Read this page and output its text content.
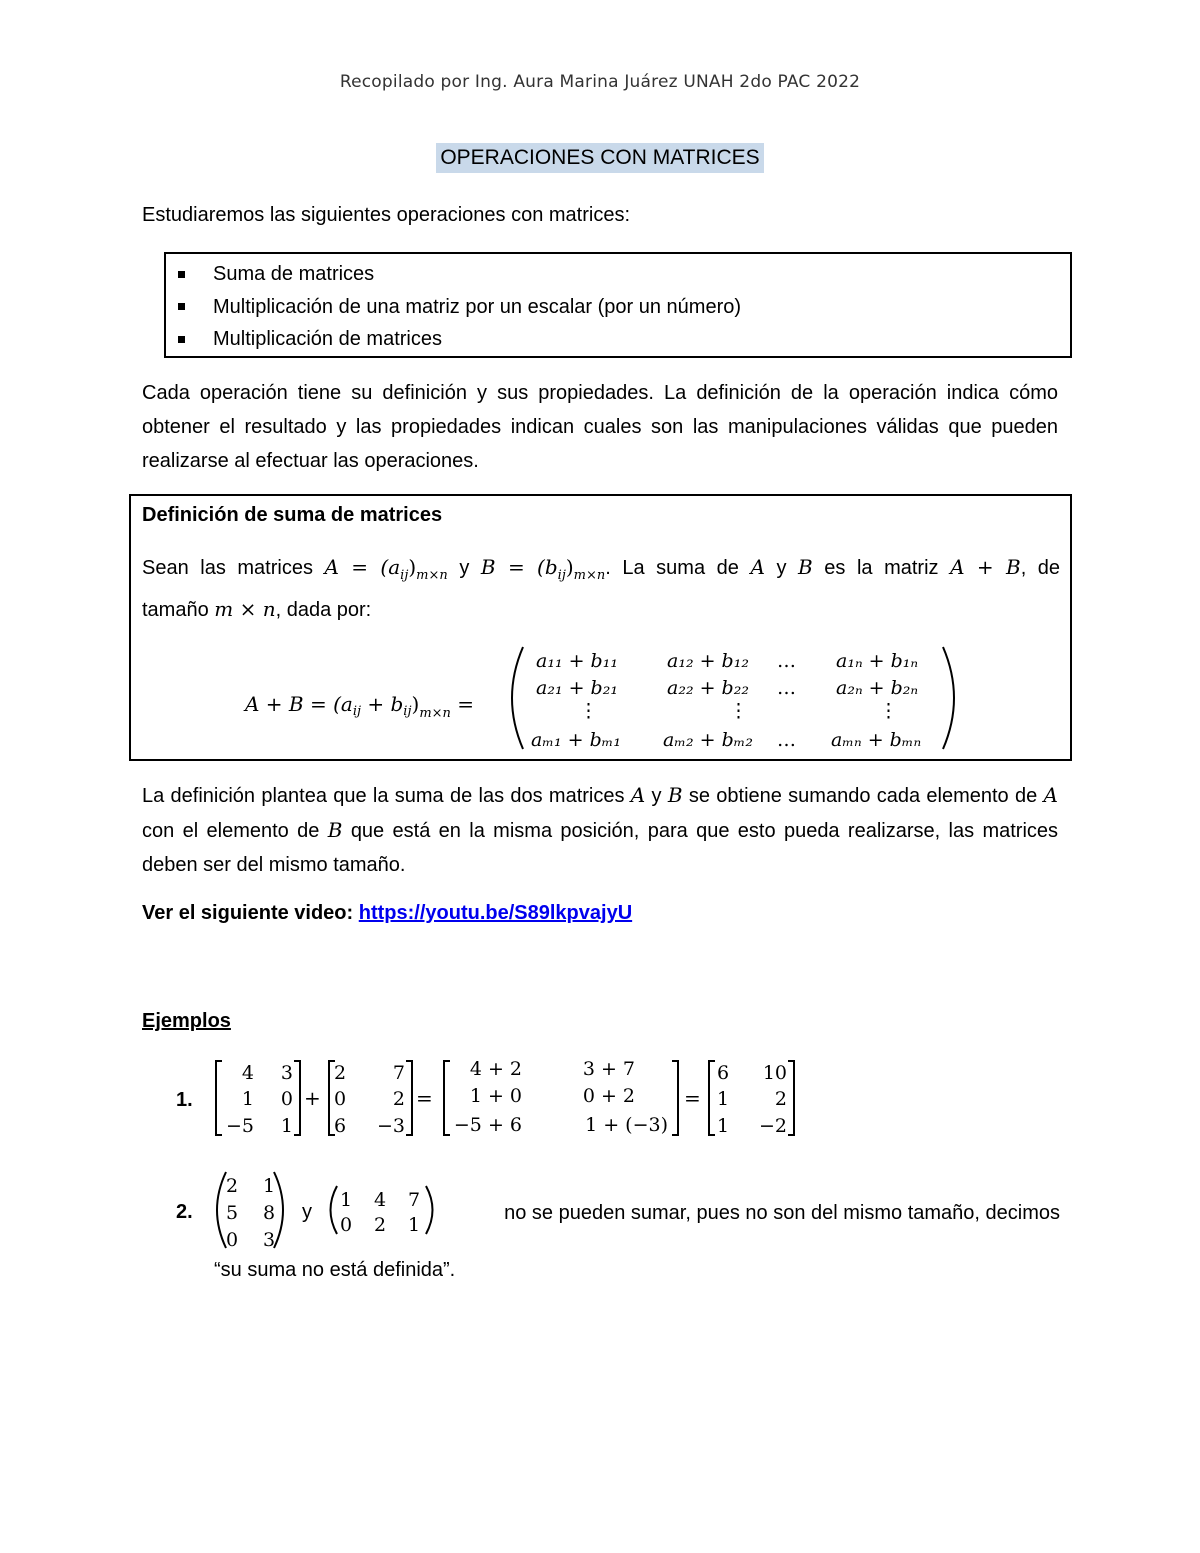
Recopilado por Ing. Aura Marina Juárez UNAH 2do PAC 2022
OPERACIONES CON MATRICES
Estudiaremos las siguientes operaciones con matrices:
Suma de matrices
Multiplicación de una matriz por un escalar (por un número)
Multiplicación de matrices
Cada operación tiene su definición y sus propiedades. La definición de la operación indica cómo obtener el resultado y las propiedades indican cuales son las manipulaciones válidas que pueden realizarse al efectuar las operaciones.
Definición de suma de matrices
Sean las matrices $A = (a_{ij})_{m\times n}$ y $B = (b_{ij})_{m\times n}$. La suma de A y B es la matriz A + B, de
tamaño m × n, dada por:
$A + B = (a_{ij} + b_{ij})_{m\times n}$ =
a₁₁ + b₁₁	a₁₂ + b₁₂ … a₁ₙ + b₁ₙ
a₂₁ + b₂₁	a₂₂ + b₂₂ … a₂ₙ + b₂ₙ
⋮	⋮	⋮
aₘ₁ + bₘ₁ aₘ₂ + bₘ₂ … aₘₙ + bₘₙ
La definición plantea que la suma de las dos matrices A y B se obtiene sumando cada elemento de A con el elemento de B que está en la misma posición, para que esto pueda realizarse, las matrices deben ser del mismo tamaño.
Ver el siguiente video: https://youtu.be/S89lkpvajyU
Ejemplos
1.
4 3
1 0
−5 1
+
2 7
0 2
6 −3
=
4 + 2	3 + 7
1 + 0	0 + 2
−5 + 6	1 + (−3)
=
6 10
1 2
1 −2
2.
2 1
5 8
0 3
y
1 4 7
0 2 1
no se pueden sumar, pues no son del mismo tamaño, decimos
“su suma no está definida”.
